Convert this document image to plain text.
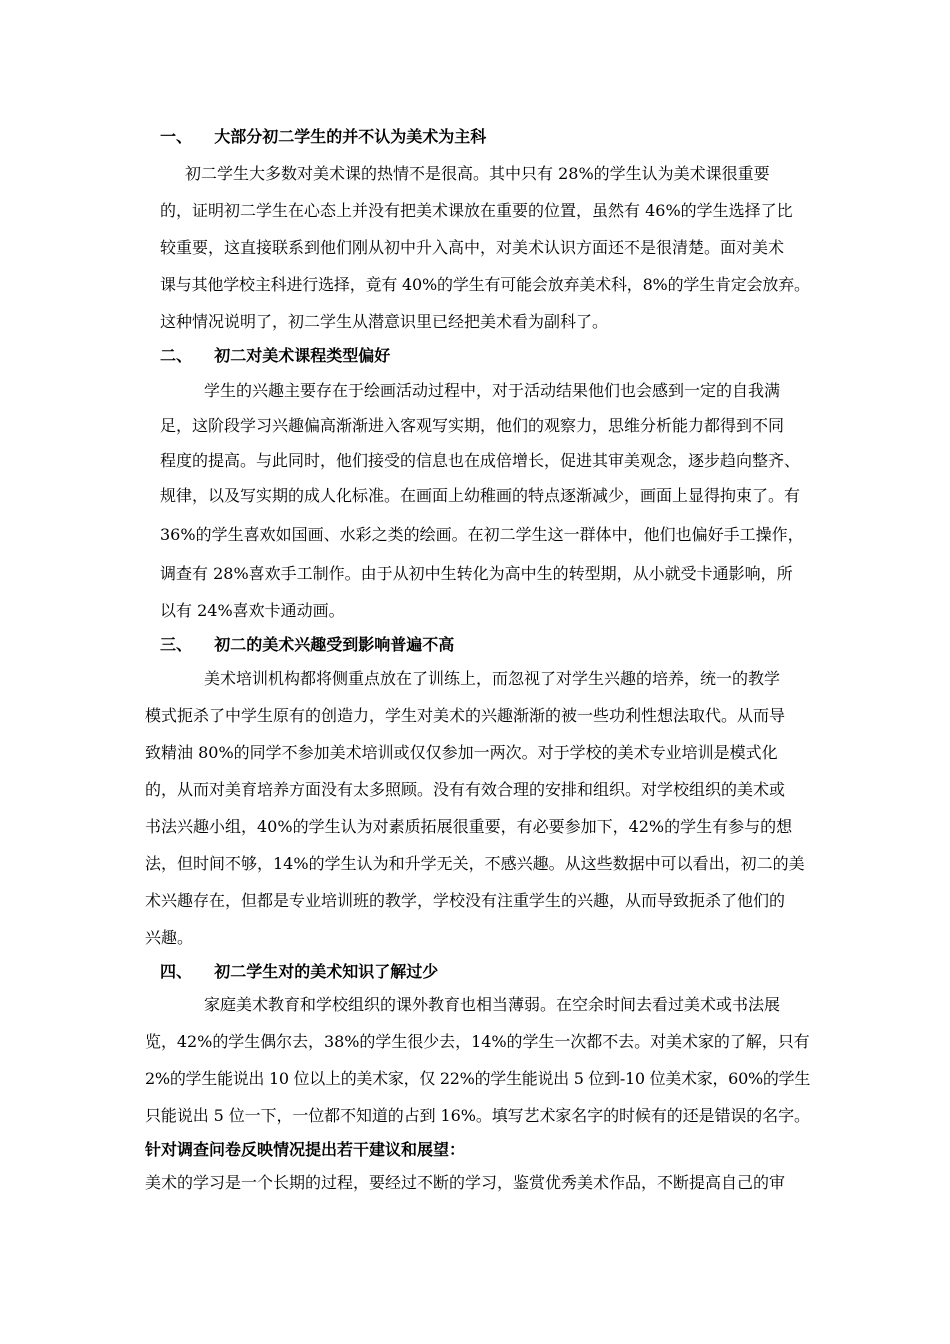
一、    大部分初二学生的并不认为美术为主科
初二学生大多数对美术课的热情不是很高。其中只有 28%的学生认为美术课很重要
的，证明初二学生在心态上并没有把美术课放在重要的位置，虽然有 46%的学生选择了比
较重要，这直接联系到他们刚从初中升入高中，对美术认识方面还不是很清楚。面对美术
课与其他学校主科进行选择，竟有 40%的学生有可能会放弃美术科，8%的学生肯定会放弃。
这种情况说明了，初二学生从潜意识里已经把美术看为副科了。
二、    初二对美术课程类型偏好
学生的兴趣主要存在于绘画活动过程中，对于活动结果他们也会感到一定的自我满
足，这阶段学习兴趣偏高渐渐进入客观写实期，他们的观察力，思维分析能力都得到不同
程度的提高。与此同时，他们接受的信息也在成倍增长，促进其审美观念，逐步趋向整齐、
规律，以及写实期的成人化标准。在画面上幼稚画的特点逐渐减少，画面上显得拘束了。有
36%的学生喜欢如国画、水彩之类的绘画。在初二学生这一群体中，他们也偏好手工操作，
调查有 28%喜欢手工制作。由于从初中生转化为高中生的转型期，从小就受卡通影响，所
以有 24%喜欢卡通动画。
三、    初二的美术兴趣受到影响普遍不高
美术培训机构都将侧重点放在了训练上，而忽视了对学生兴趣的培养，统一的教学
模式扼杀了中学生原有的创造力，学生对美术的兴趣渐渐的被一些功利性想法取代。从而导
致精油 80%的同学不参加美术培训或仅仅参加一两次。对于学校的美术专业培训是模式化
的，从而对美育培养方面没有太多照顾。没有有效合理的安排和组织。对学校组织的美术或
书法兴趣小组，40%的学生认为对素质拓展很重要，有必要参加下，42%的学生有参与的想
法，但时间不够，14%的学生认为和升学无关，不感兴趣。从这些数据中可以看出，初二的美
术兴趣存在，但都是专业培训班的教学，学校没有注重学生的兴趣，从而导致扼杀了他们的
兴趣。
四、    初二学生对的美术知识了解过少
家庭美术教育和学校组织的课外教育也相当薄弱。在空余时间去看过美术或书法展
览，42%的学生偶尔去，38%的学生很少去，14%的学生一次都不去。对美术家的了解，只有
2%的学生能说出 10 位以上的美术家，仅 22%的学生能说出 5 位到-10 位美术家，60%的学生
只能说出 5 位一下，一位都不知道的占到 16%。填写艺术家名字的时候有的还是错误的名字。
针对调查问卷反映情况提出若干建议和展望：
美术的学习是一个长期的过程，要经过不断的学习，鉴赏优秀美术作品，不断提高自己的审
